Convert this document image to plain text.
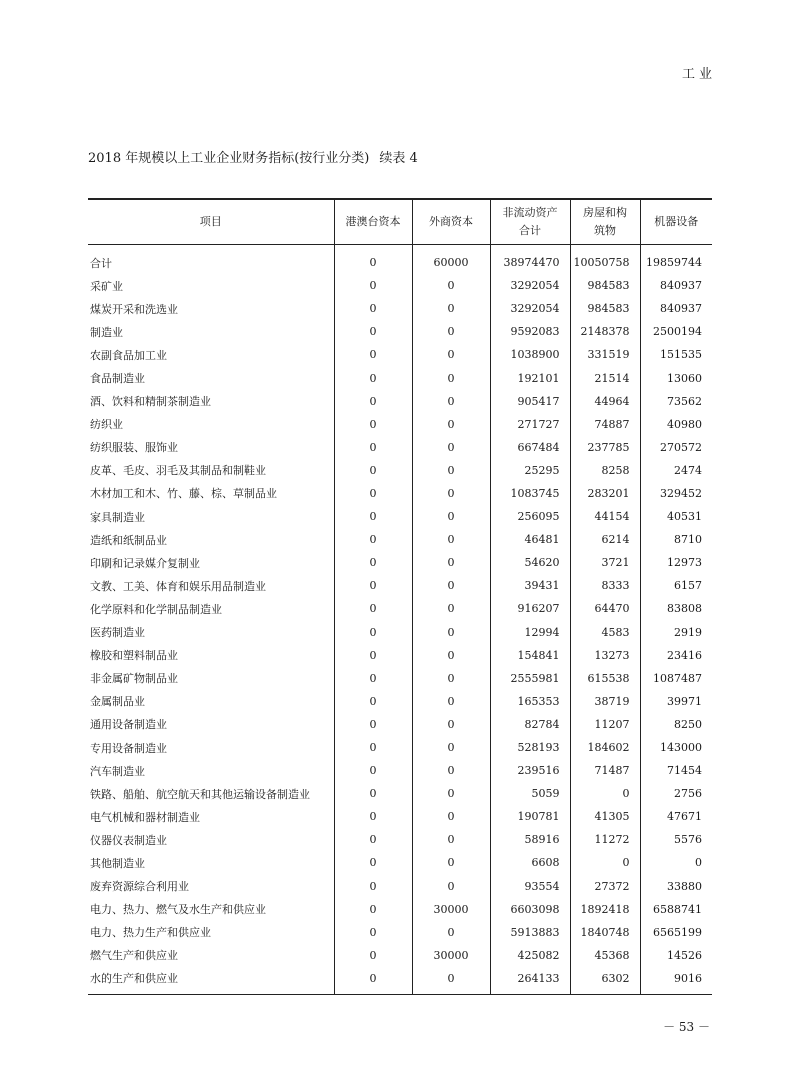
工业
2018 年规模以上工业企业财务指标(按行业分类) 续表 4
项目	港澳台资本	外商资本	非流动资产合计	房屋和构筑物	机器设备
合计	0	60000	38974470	10050758	19859744
采矿业	0	0	3292054	984583	840937
煤炭开采和洗选业	0	0	3292054	984583	840937
制造业	0	0	9592083	2148378	2500194
农副食品加工业	0	0	1038900	331519	151535
食品制造业	0	0	192101	21514	13060
酒、饮料和精制茶制造业	0	0	905417	44964	73562
纺织业	0	0	271727	74887	40980
纺织服装、服饰业	0	0	667484	237785	270572
皮革、毛皮、羽毛及其制品和制鞋业	0	0	25295	8258	2474
木材加工和木、竹、藤、棕、草制品业	0	0	1083745	283201	329452
家具制造业	0	0	256095	44154	40531
造纸和纸制品业	0	0	46481	6214	8710
印刷和记录媒介复制业	0	0	54620	3721	12973
文教、工美、体育和娱乐用品制造业	0	0	39431	8333	6157
化学原料和化学制品制造业	0	0	916207	64470	83808
医药制造业	0	0	12994	4583	2919
橡胶和塑料制品业	0	0	154841	13273	23416
非金属矿物制品业	0	0	2555981	615538	1087487
金属制品业	0	0	165353	38719	39971
通用设备制造业	0	0	82784	11207	8250
专用设备制造业	0	0	528193	184602	143000
汽车制造业	0	0	239516	71487	71454
铁路、船舶、航空航天和其他运输设备制造业	0	0	5059	0	2756
电气机械和器材制造业	0	0	190781	41305	47671
仪器仪表制造业	0	0	58916	11272	5576
其他制造业	0	0	6608	0	0
废弃资源综合利用业	0	0	93554	27372	33880
电力、热力、燃气及水生产和供应业	0	30000	6603098	1892418	6588741
电力、热力生产和供应业	0	0	5913883	1840748	6565199
燃气生产和供应业	0	30000	425082	45368	14526
水的生产和供应业	0	0	264133	6302	9016
－ 53 －
